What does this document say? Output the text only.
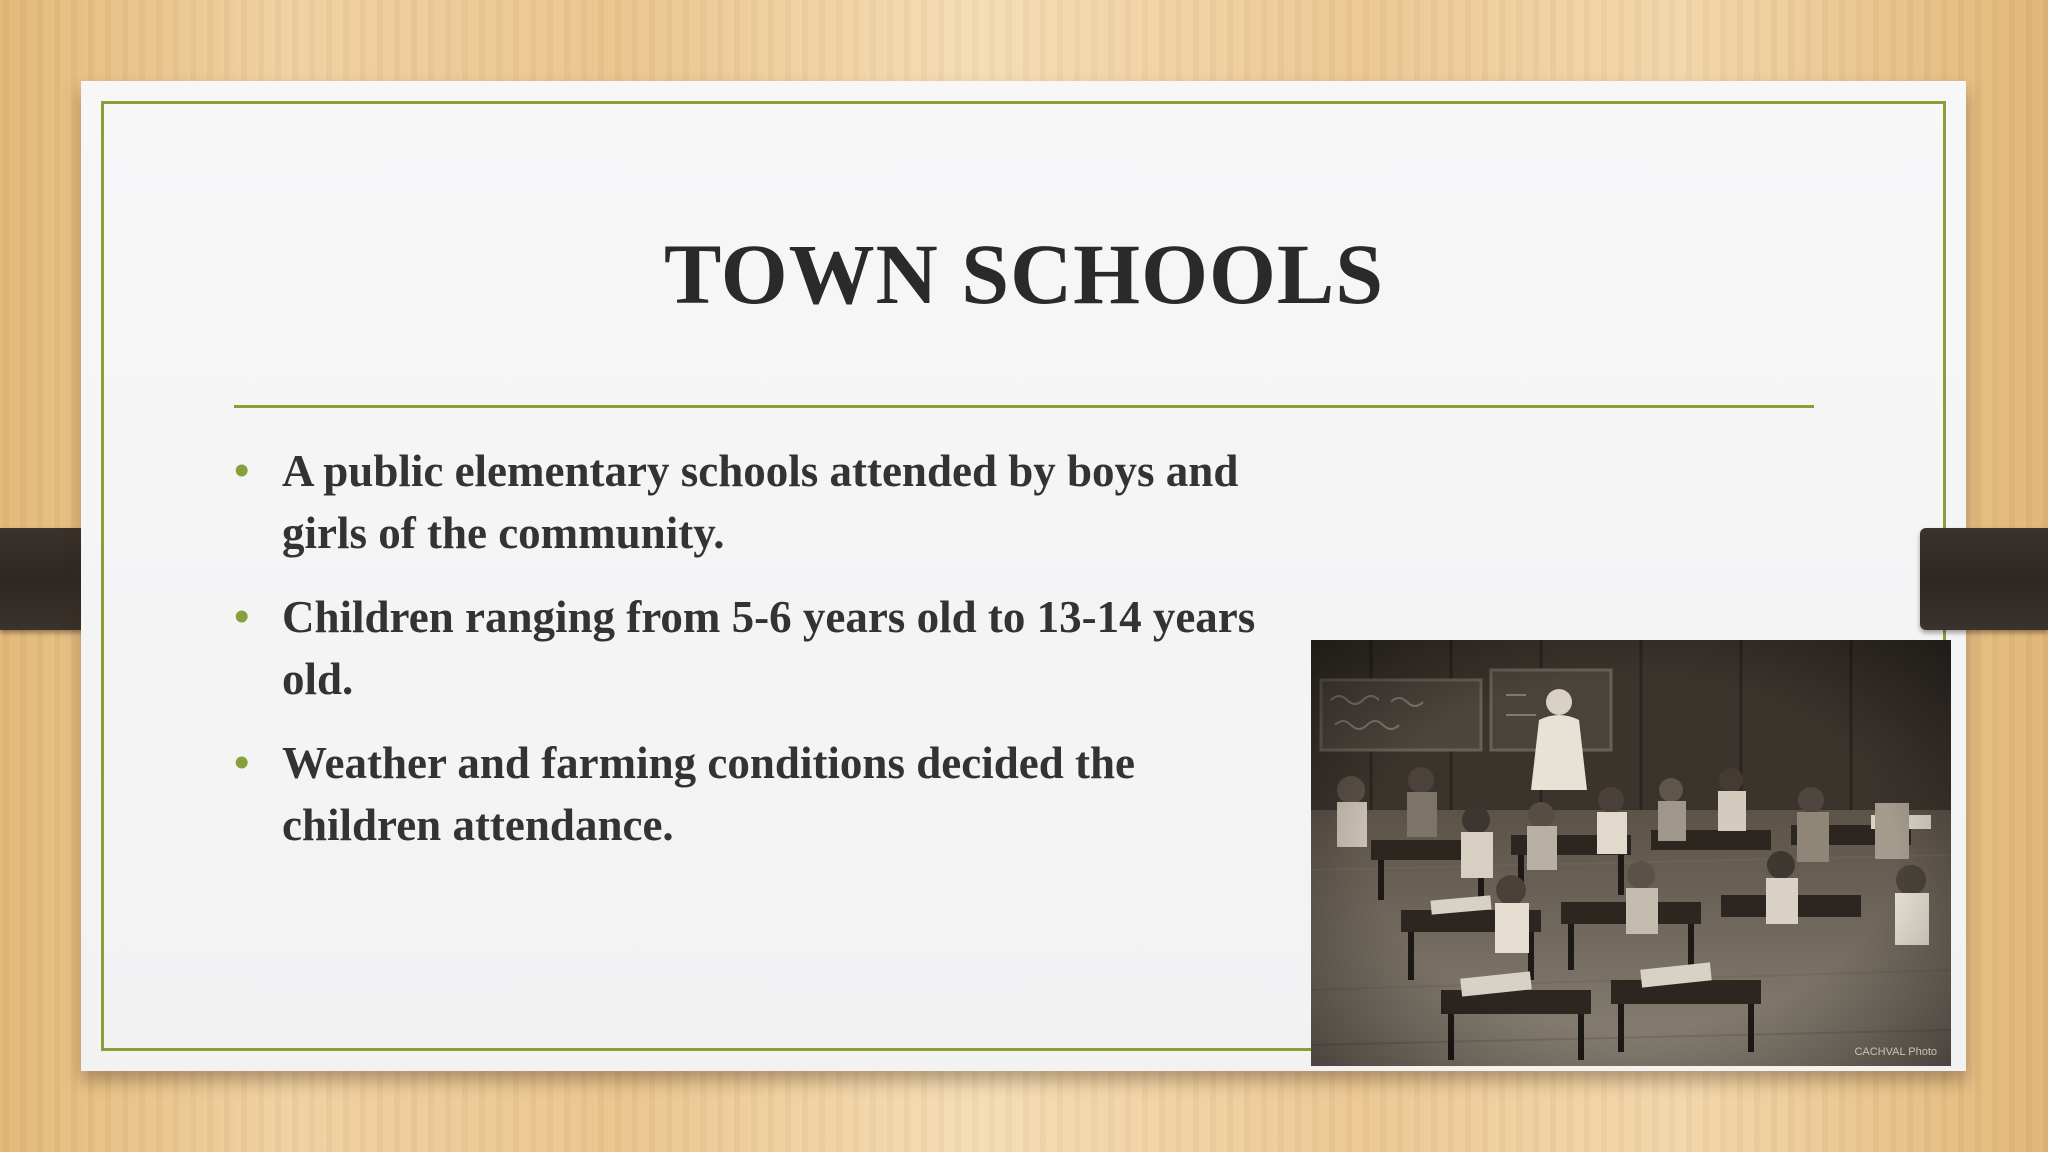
TOWN SCHOOLS
• A public elementary schools attended by boys and girls of the community.
• Children ranging from 5-6 years old to 13-14 years old.
• Weather and farming conditions decided the children attendance.
CACHVAL Photo
